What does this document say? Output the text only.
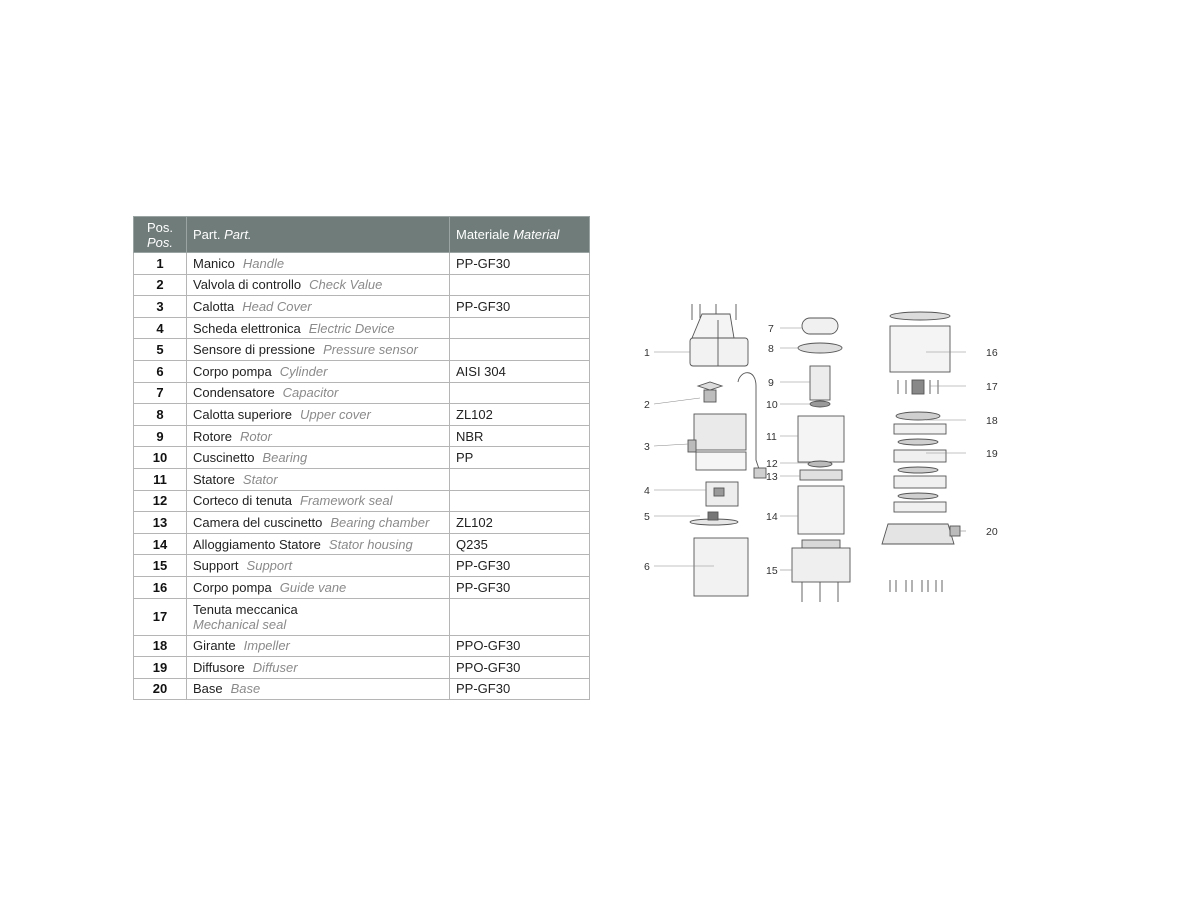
Pos.
Pos.	Part. Part.	Materiale Material
1	Manico Handle	PP-GF30
2	Valvola di controllo Check Value	
3	Calotta Head Cover	PP-GF30
4	Scheda elettronica Electric Device	
5	Sensore di pressione Pressure sensor	
6	Corpo pompa Cylinder	AISI 304
7	Condensatore Capacitor	
8	Calotta superiore Upper cover	ZL102
9	Rotore Rotor	NBR
10	Cuscinetto Bearing	PP
11	Statore Stator	
12	Corteco di tenuta Framework seal	
13	Camera del cuscinetto Bearing chamber	ZL102
14	Alloggiamento Statore Stator housing	Q235
15	Support Support	PP-GF30
16	Corpo pompa Guide vane	PP-GF30
17	Tenuta meccanica
Mechanical seal	

18	Girante Impeller	PPO-GF30
19	Diffusore Diffuser	PPO-GF30
20	Base Base	PP-GF30
1
2
3
4
5
6
7
8
9
10
11
12
13
14
15
16
17
18
19
20
